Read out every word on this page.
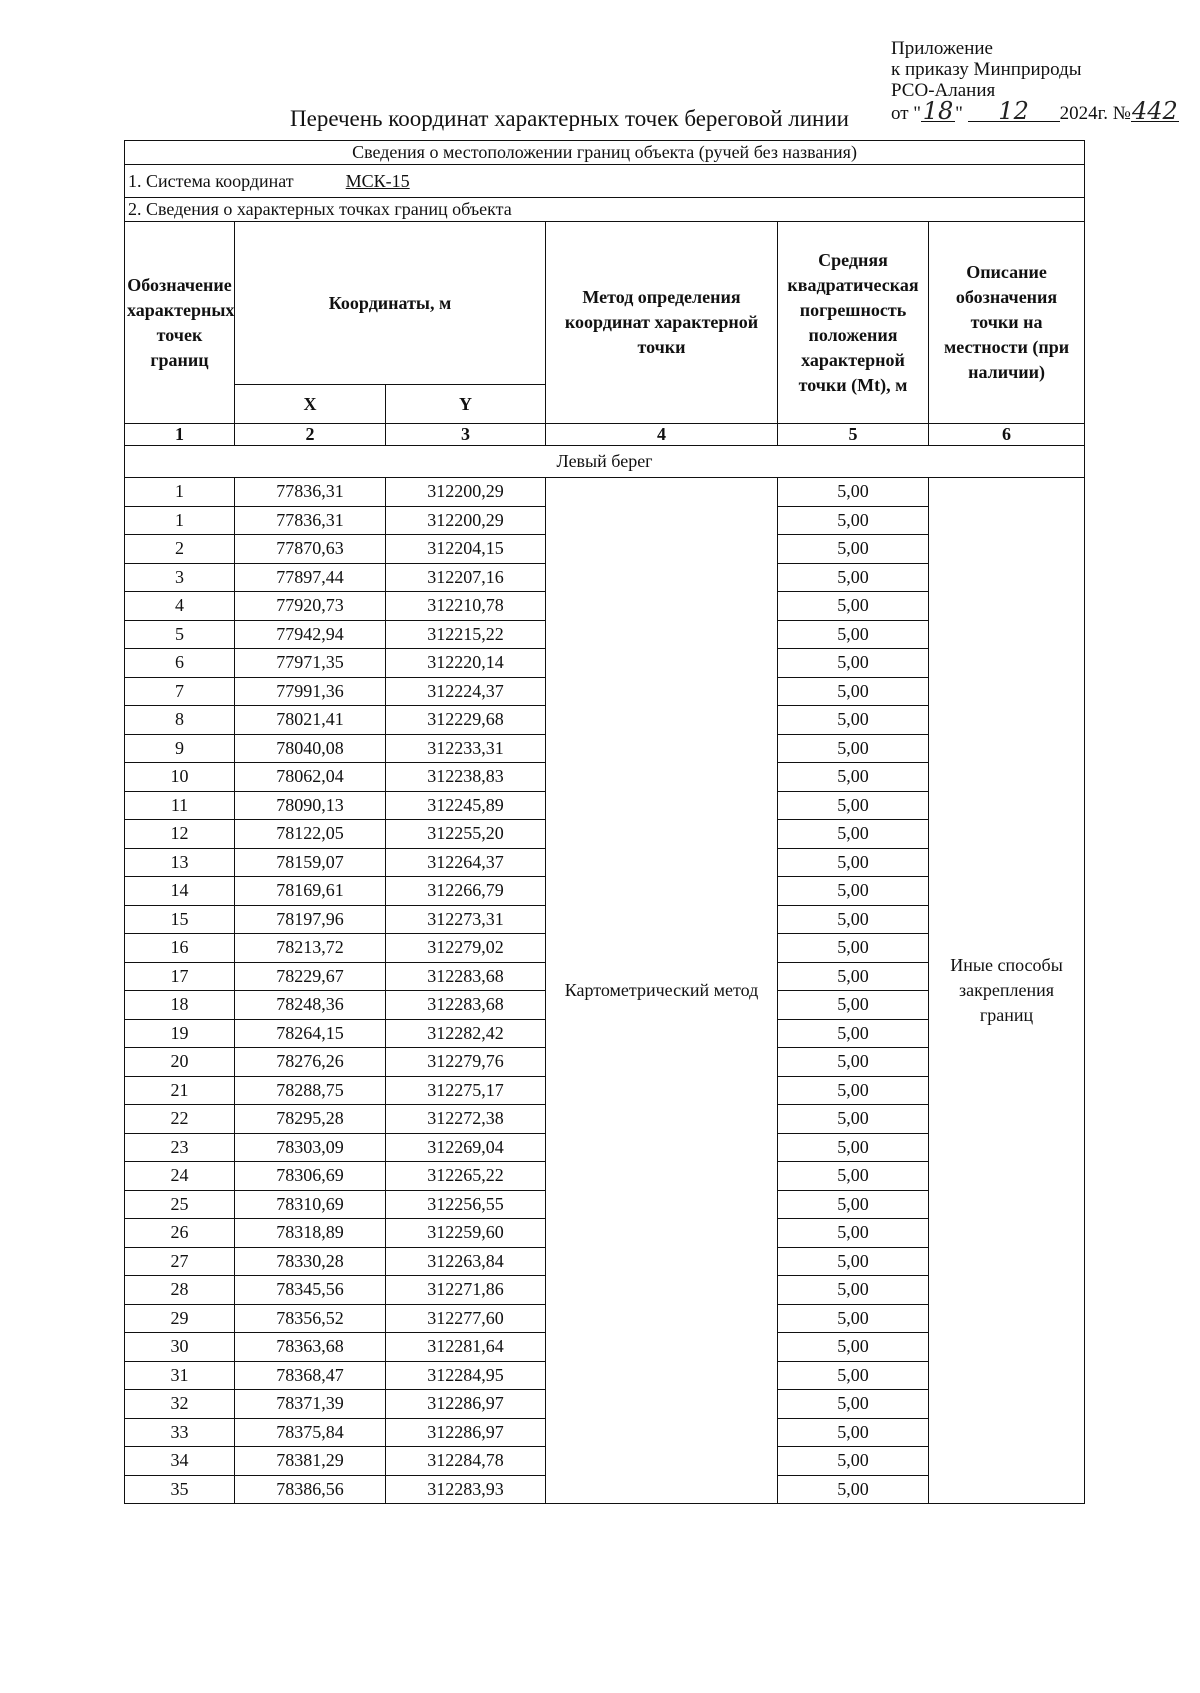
Приложение
к приказу Минприроды
РСО-Алания
от "18" 12 2024г. №442
Перечень координат характерных точек береговой линии
Сведения о местоположении границ объекта (ручей без названия)					
1. Система координат МСК-15					
2. Сведения о характерных точках границ объекта					
Обозначение характерных точек границ	Координаты, м		Метод определения координат характерной точки	Средняя квадратическая погрешность положения характерной точки (Mt), м	Описание обозначения точки на местности (при наличии)
	X	Y			
1	2	3	4	5	6
Левый берег					
1	77836,31	312200,29	Картометрический метод	5,00	Иные способы закрепления границ
1	77836,31	312200,29		5,00	
2	77870,63	312204,15		5,00	
3	77897,44	312207,16		5,00	
4	77920,73	312210,78		5,00	
5	77942,94	312215,22		5,00	
6	77971,35	312220,14		5,00	
7	77991,36	312224,37		5,00	
8	78021,41	312229,68		5,00	
9	78040,08	312233,31		5,00	
10	78062,04	312238,83		5,00	
11	78090,13	312245,89		5,00	
12	78122,05	312255,20		5,00	
13	78159,07	312264,37		5,00	
14	78169,61	312266,79		5,00	
15	78197,96	312273,31		5,00	
16	78213,72	312279,02		5,00	
17	78229,67	312283,68		5,00	
18	78248,36	312283,68		5,00	
19	78264,15	312282,42		5,00	
20	78276,26	312279,76		5,00	
21	78288,75	312275,17		5,00	
22	78295,28	312272,38		5,00	
23	78303,09	312269,04		5,00	
24	78306,69	312265,22		5,00	
25	78310,69	312256,55		5,00	
26	78318,89	312259,60		5,00	
27	78330,28	312263,84		5,00	
28	78345,56	312271,86		5,00	
29	78356,52	312277,60		5,00	
30	78363,68	312281,64		5,00	
31	78368,47	312284,95		5,00	
32	78371,39	312286,97		5,00	
33	78375,84	312286,97		5,00	
34	78381,29	312284,78		5,00	
35	78386,56	312283,93		5,00	
